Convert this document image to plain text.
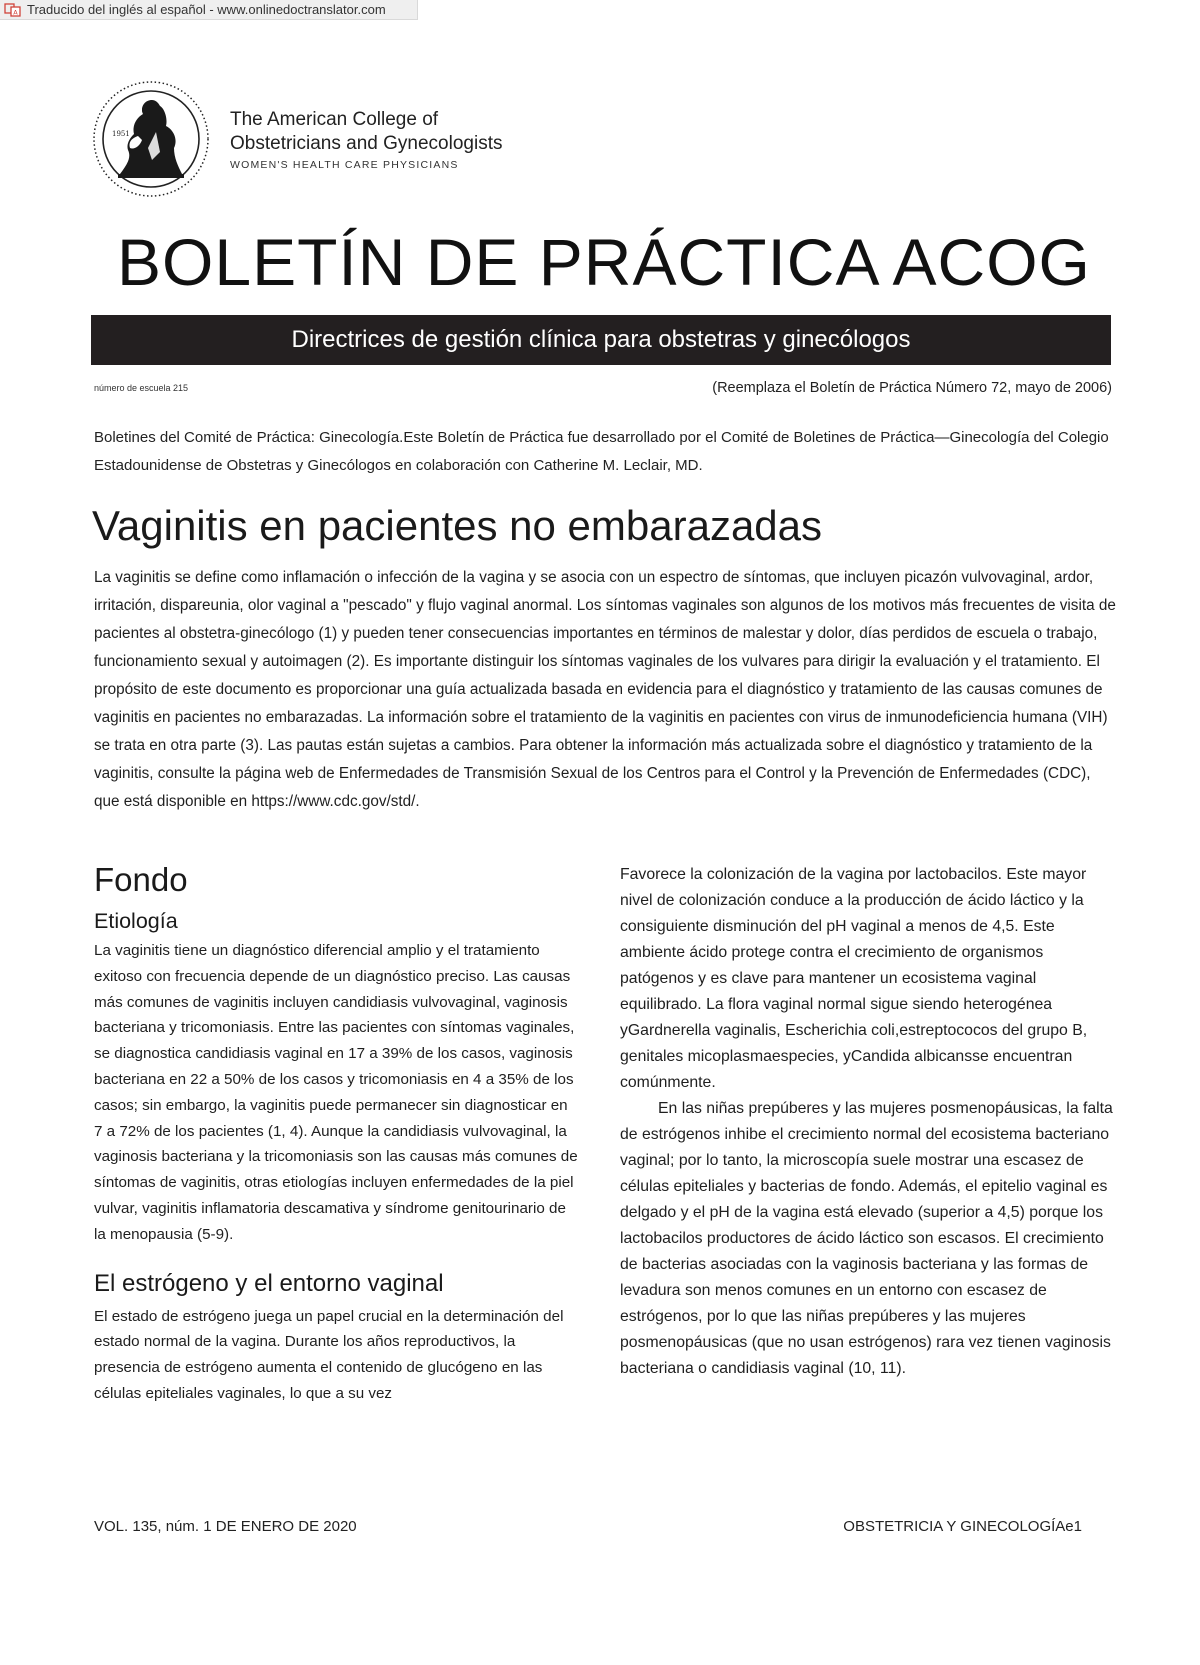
A Traducido del inglés al español - www.onlinedoctranslator.com
1951
The American College of
Obstetricians and Gynecologists
WOMEN'S HEALTH CARE PHYSICIANS
BOLETÍN DE PRÁCTICA ACOG
Directrices de gestión clínica para obstetras y ginecólogos
número de escuela 215	(Reemplaza el Boletín de Práctica Número 72, mayo de 2006)
Boletines del Comité de Práctica: Ginecología.Este Boletín de Práctica fue desarrollado por el Comité de Boletines de Práctica—Ginecología del Colegio Estadounidense de Obstetras y Ginecólogos en colaboración con Catherine M. Leclair, MD.
Vaginitis en pacientes no embarazadas
La vaginitis se define como inflamación o infección de la vagina y se asocia con un espectro de síntomas, que incluyen picazón vulvovaginal, ardor, irritación, dispareunia, olor vaginal a "pescado" y flujo vaginal anormal. Los síntomas vaginales son algunos de los motivos más frecuentes de visita de pacientes al obstetra-ginecólogo (1) y pueden tener consecuencias importantes en términos de malestar y dolor, días perdidos de escuela o trabajo, funcionamiento sexual y autoimagen (2). Es importante distinguir los síntomas vaginales de los vulvares para dirigir la evaluación y el tratamiento. El propósito de este documento es proporcionar una guía actualizada basada en evidencia para el diagnóstico y tratamiento de las causas comunes de vaginitis en pacientes no embarazadas. La información sobre el tratamiento de la vaginitis en pacientes con virus de inmunodeficiencia humana (VIH) se trata en otra parte (3). Las pautas están sujetas a cambios. Para obtener la información más actualizada sobre el diagnóstico y tratamiento de la vaginitis, consulte la página web de Enfermedades de Transmisión Sexual de los Centros para el Control y la Prevención de Enfermedades (CDC), que está disponible en https://www.cdc.gov/std/.
Fondo
Etiología

La vaginitis tiene un diagnóstico diferencial amplio y el tratamiento exitoso con frecuencia depende de un diagnóstico preciso. Las causas más comunes de vaginitis incluyen candidiasis vulvovaginal, vaginosis bacteriana y tricomoniasis. Entre las pacientes con síntomas vaginales, se diagnostica candidiasis vaginal en 17 a 39% de los casos, vaginosis bacteriana en 22 a 50% de los casos y tricomoniasis en 4 a 35% de los casos; sin embargo, la vaginitis puede permanecer sin diagnosticar en 7 a 72% de los pacientes (1, 4). Aunque la candidiasis vulvovaginal, la vaginosis bacteriana y la tricomoniasis son las causas más comunes de síntomas de vaginitis, otras etiologías incluyen enfermedades de la piel vulvar, vaginitis inflamatoria descamativa y síndrome genitourinario de la menopausia (5-9).

El estrógeno y el entorno vaginal

El estado de estrógeno juega un papel crucial en la determinación del estado normal de la vagina. Durante los años reproductivos, la presencia de estrógeno aumenta el contenido de glucógeno en las células epiteliales vaginales, lo que a su vez

Favorece la colonización de la vagina por lactobacilos. Este mayor nivel de colonización conduce a la producción de ácido láctico y la consiguiente disminución del pH vaginal a menos de 4,5. Este ambiente ácido protege contra el crecimiento de organismos patógenos y es clave para mantener un ecosistema vaginal equilibrado. La flora vaginal normal sigue siendo heterogénea yGardnerella vaginalis, Escherichia coli,estreptococos del grupo B, genitales micoplasmaespecies, yCandida albicansse encuentran comúnmente.

En las niñas prepúberes y las mujeres posmenopáusicas, la falta de estrógenos inhibe el crecimiento normal del ecosistema bacteriano vaginal; por lo tanto, la microscopía suele mostrar una escasez de células epiteliales y bacterias de fondo. Además, el epitelio vaginal es delgado y el pH de la vagina está elevado (superior a 4,5) porque los lactobacilos productores de ácido láctico son escasos. El crecimiento de bacterias asociadas con la vaginosis bacteriana y las formas de levadura son menos comunes en un entorno con escasez de estrógenos, por lo que las niñas prepúberes y las mujeres posmenopáusicas (que no usan estrógenos) rara vez tienen vaginosis bacteriana o candidiasis vaginal (10, 11).

VOL. 135, núm. 1 DE ENERO DE 2020	OBSTETRICIA Y GINECOLOGÍAe1
